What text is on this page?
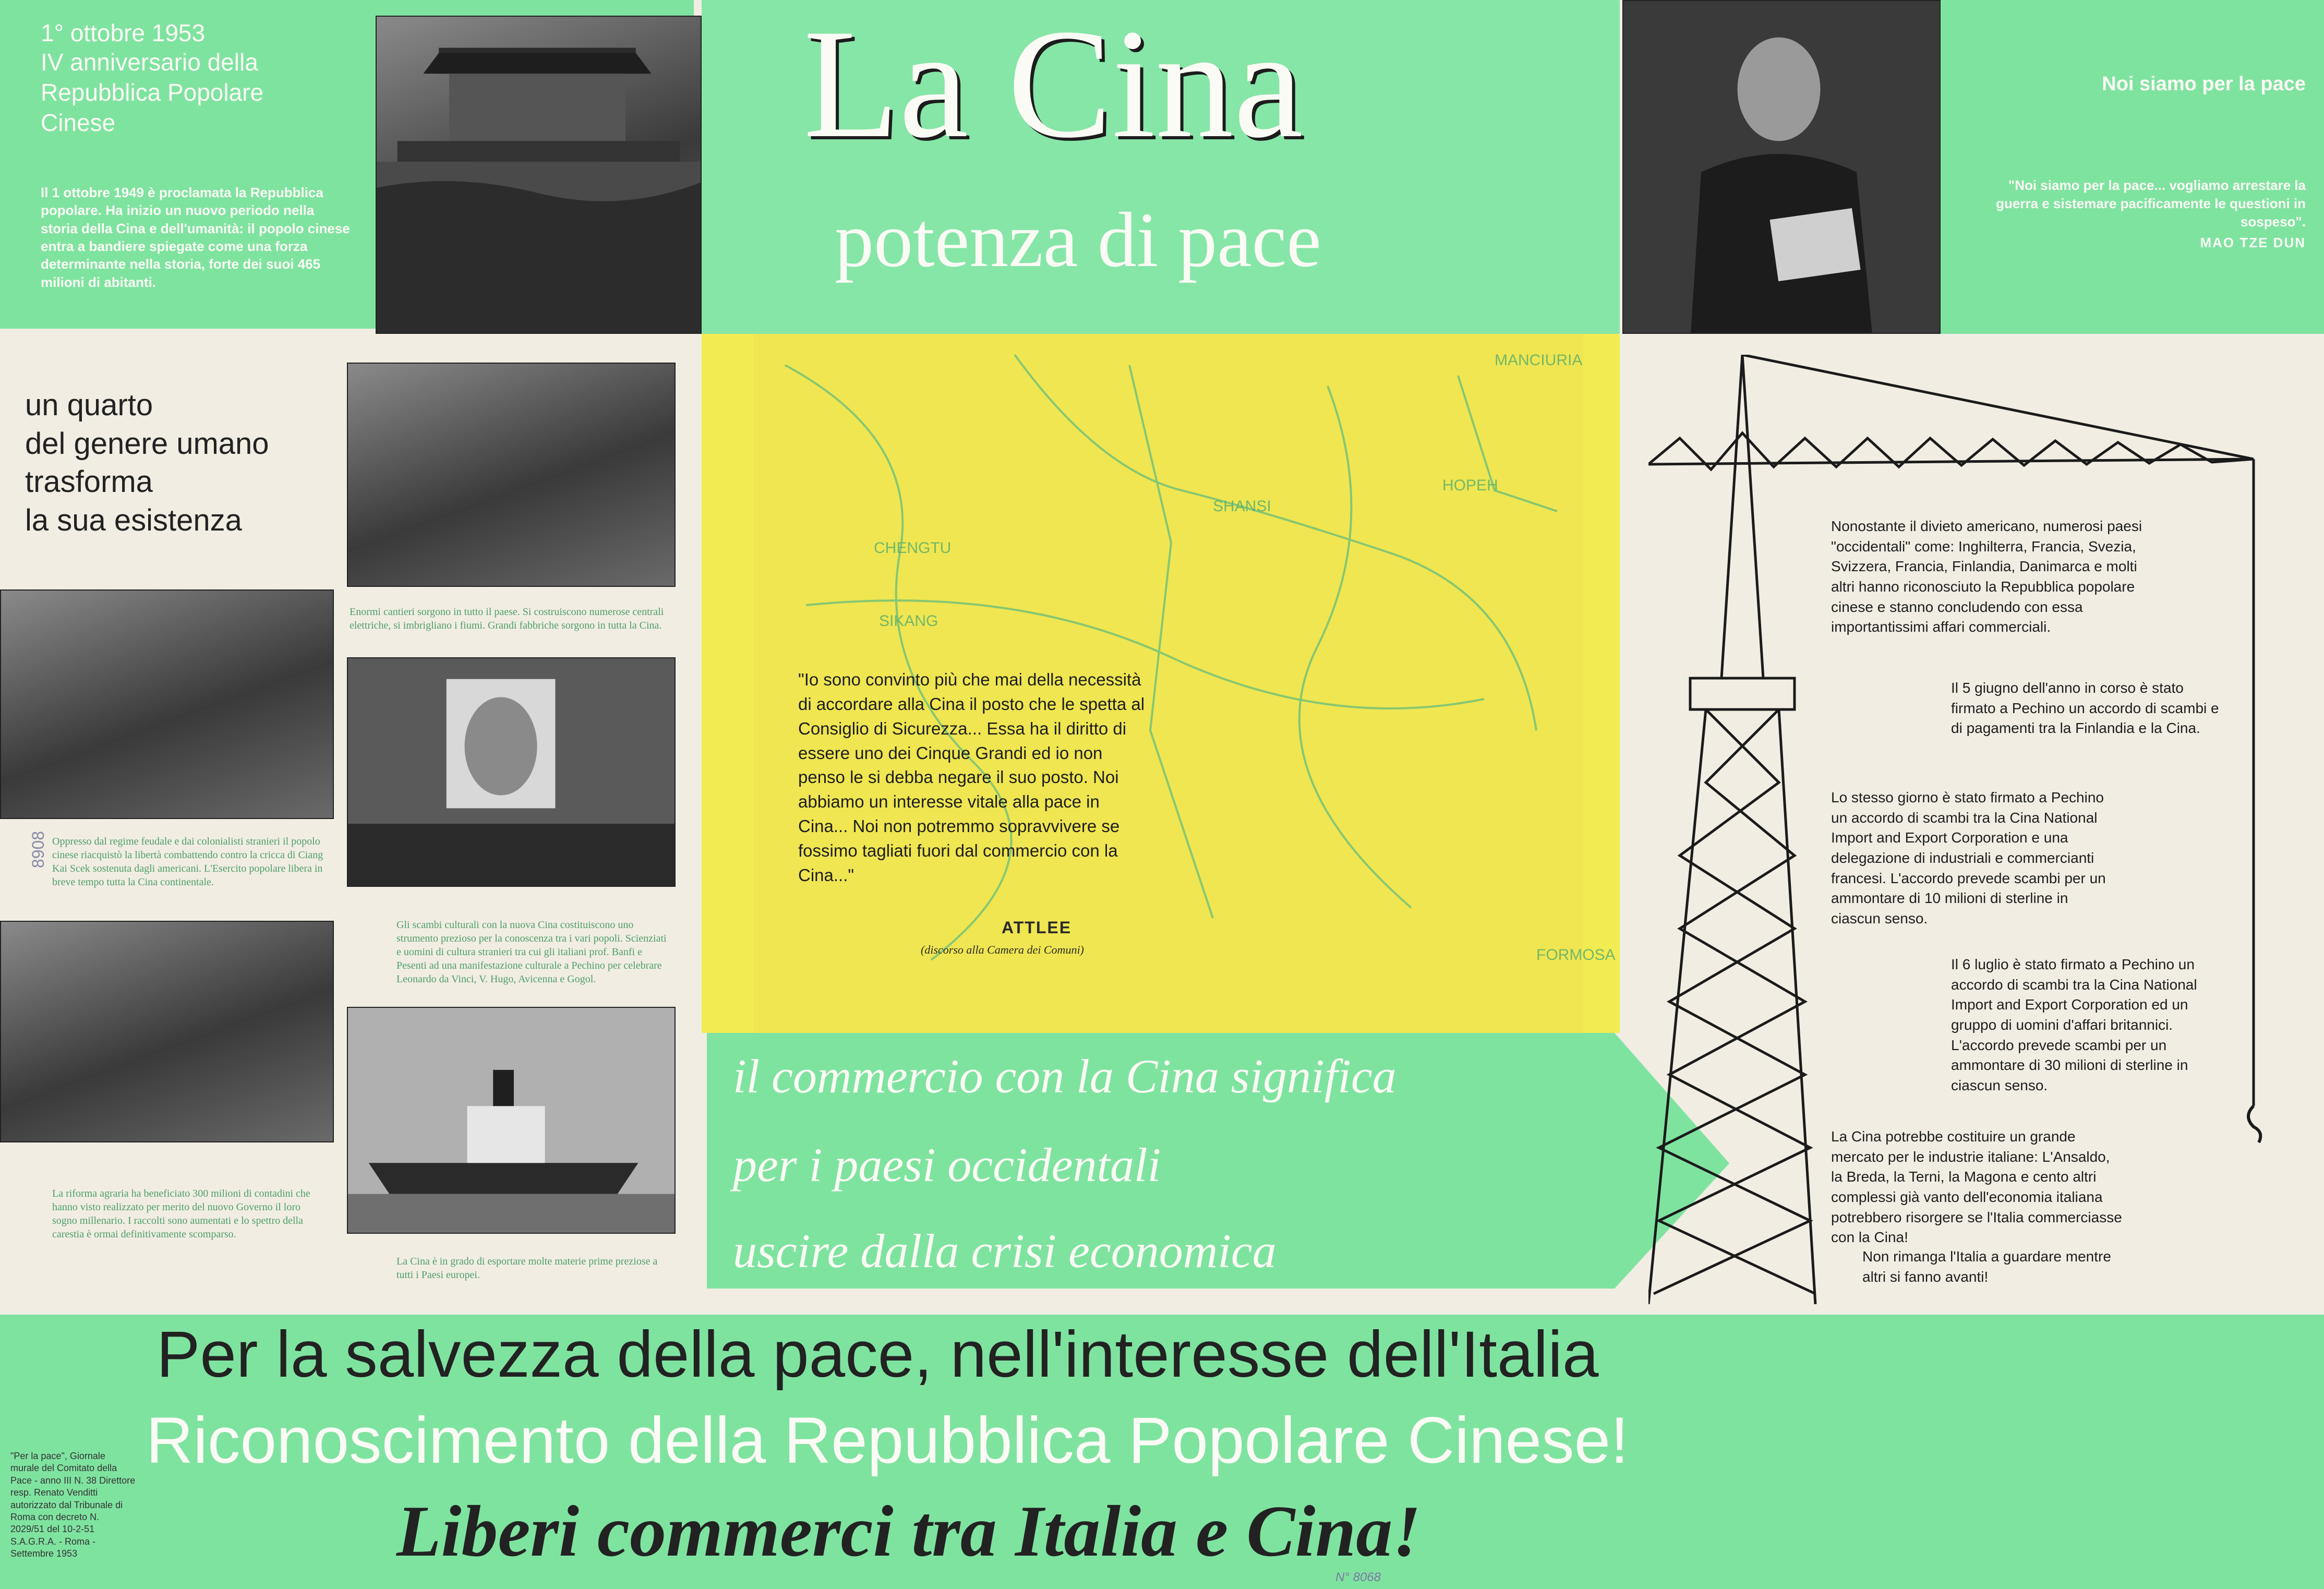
1° ottobre 1953
IV anniversario della
Repubblica Popolare
Cinese
Il 1 ottobre 1949 è proclamata la Repubblica popolare. Ha inizio un nuovo periodo nella storia della Cina e dell'umanità: il popolo cinese entra a bandiere spiegate come una forza determinante nella storia, forte dei suoi 465 milioni di abitanti.
La Cina
potenza di pace
Noi siamo per la pace
"Noi siamo per la pace... vogliamo arrestare la guerra e sistemare pacificamente le questioni in sospeso".
MAO TZE DUN
un quarto
del genere umano
trasforma
la sua esistenza
Enormi cantieri sorgono in tutto il paese. Si costruiscono numerose centrali elettriche, si imbrigliano i fiumi. Grandi fabbriche sorgono in tutta la Cina.
Oppresso dal regime feudale e dai colonialisti stranieri il popolo cinese riacquistò la libertà combattendo contro la cricca di Ciang Kai Scek sostenuta dagli americani. L'Esercito popolare libera in breve tempo tutta la Cina continentale.
8908
Gli scambi culturali con la nuova Cina costituiscono uno strumento prezioso per la conoscenza tra i vari popoli. Scienziati e uomini di cultura stranieri tra cui gli italiani prof. Banfi e Pesenti ad una manifestazione culturale a Pechino per celebrare Leonardo da Vinci, V. Hugo, Avicenna e Gogol.
La riforma agraria ha beneficiato 300 milioni di contadini che hanno visto realizzato per merito del nuovo Governo il loro sogno millenario. I raccolti sono aumentati e lo spettro della carestia è ormai definitivamente scomparso.
La Cina è in grado di esportare molte materie prime preziose a tutti i Paesi europei.
MANCIURIA
CHENGTU
SIKANG
FORMOSA
HOPEH
SHANSI
"Io sono convinto più che mai della necessità di accordare alla Cina il posto che le spetta al Consiglio di Sicurezza... Essa ha il diritto di essere uno dei Cinque Grandi ed io non penso le si debba negare il suo posto. Noi abbiamo un interesse vitale alla pace in Cina... Noi non potremmo sopravvivere se fossimo tagliati fuori dal commercio con la Cina..."
ATTLEE
(discorso alla Camera dei Comuni)
il commercio con la Cina significa
per i paesi occidentali
uscire dalla crisi economica
Nonostante il divieto americano, numerosi paesi "occidentali" come: Inghilterra, Francia, Svezia, Svizzera, Francia, Finlandia, Danimarca e molti altri hanno riconosciuto la Repubblica popolare cinese e stanno concludendo con essa importantissimi affari commerciali.
Il 5 giugno dell'anno in corso è stato firmato a Pechino un accordo di scambi e di pagamenti tra la Finlandia e la Cina.
Lo stesso giorno è stato firmato a Pechino un accordo di scambi tra la Cina National Import and Export Corporation e una delegazione di industriali e commercianti francesi. L'accordo prevede scambi per un ammontare di 10 milioni di sterline in ciascun senso.
Il 6 luglio è stato firmato a Pechino un accordo di scambi tra la Cina National Import and Export Corporation ed un gruppo di uomini d'affari britannici. L'accordo prevede scambi per un ammontare di 30 milioni di sterline in ciascun senso.
La Cina potrebbe costituire un grande mercato per le industrie italiane: L'Ansaldo, la Breda, la Terni, la Magona e cento altri complessi già vanto dell'economia italiana potrebbero risorgere se l'Italia commerciasse con la Cina!
Non rimanga l'Italia a guardare mentre altri si fanno avanti!
Per la salvezza della pace, nell'interesse dell'Italia
Riconoscimento della Repubblica Popolare Cinese!
Liberi commerci tra Italia e Cina!
"Per la pace", Giornale murale del Comitato della Pace - anno III N. 38 Direttore resp. Renato Venditti autorizzato dal Tribunale di Roma con decreto N. 2029/51 del 10-2-51 S.A.G.R.A. - Roma - Settembre 1953
N° 8068
